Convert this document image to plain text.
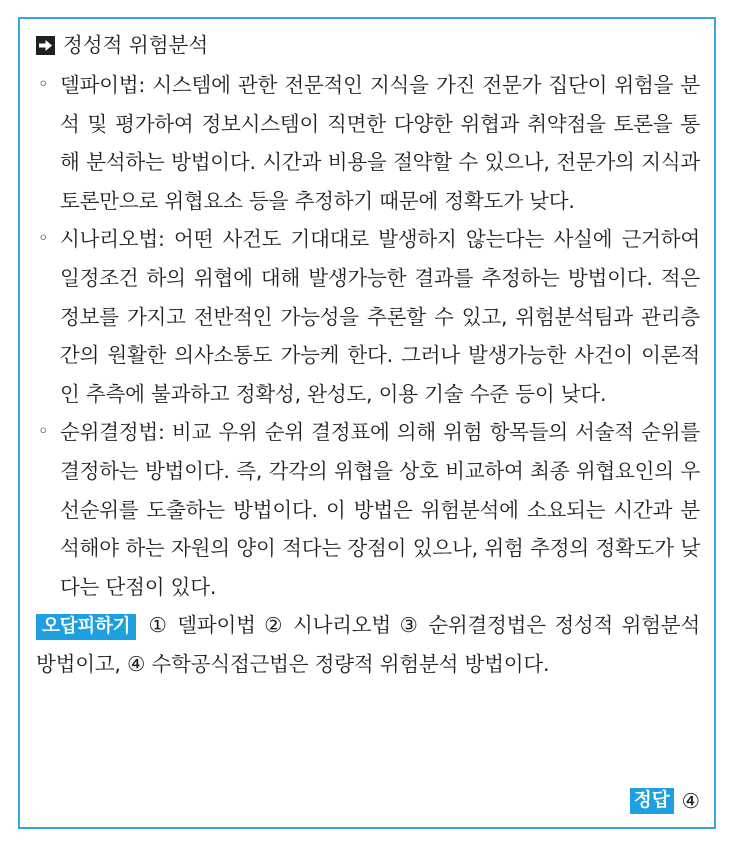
정성적 위험분석
◦ 델파이법: 시스템에 관한 전문적인 지식을 가진 전문가 집단이 위험을 분석 및 평가하여 정보시스템이 직면한 다양한 위협과 취약점을 토론을 통해 분석하는 방법이다. 시간과 비용을 절약할 수 있으나, 전문가의 지식과 토론만으로 위협요소 등을 추정하기 때문에 정확도가 낮다.
◦ 시나리오법: 어떤 사건도 기대대로 발생하지 않는다는 사실에 근거하여 일정조건 하의 위협에 대해 발생가능한 결과를 추정하는 방법이다. 적은 정보를 가지고 전반적인 가능성을 추론할 수 있고, 위험분석팀과 관리층 간의 원활한 의사소통도 가능케 한다. 그러나 발생가능한 사건이 이론적인 추측에 불과하고 정확성, 완성도, 이용 기술 수준 등이 낮다.
◦ 순위결정법: 비교 우위 순위 결정표에 의해 위험 항목들의 서술적 순위를 결정하는 방법이다. 즉, 각각의 위협을 상호 비교하여 최종 위협요인의 우선순위를 도출하는 방법이다. 이 방법은 위험분석에 소요되는 시간과 분석해야 하는 자원의 양이 적다는 장점이 있으나, 위험 추정의 정확도가 낮다는 단점이 있다.
오답피하기 ① 델파이법 ② 시나리오법 ③ 순위결정법은 정성적 위험분석 방법이고, ④ 수학공식접근법은 정량적 위험분석 방법이다.
정답 ④
